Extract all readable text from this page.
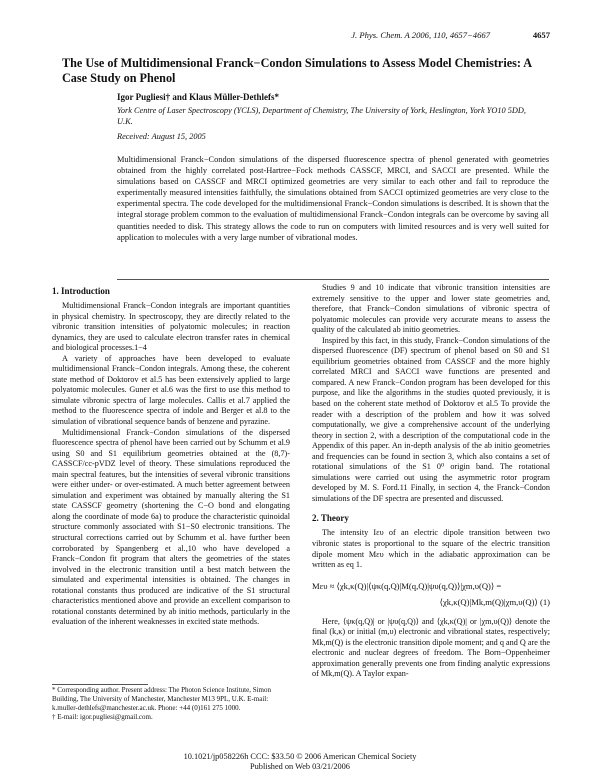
J. Phys. Chem. A 2006, 110, 4657−4667	4657
The Use of Multidimensional Franck−Condon Simulations to Assess Model Chemistries: A Case Study on Phenol
Igor Pugliesi† and Klaus Müller-Dethlefs*
York Centre of Laser Spectroscopy (YCLS), Department of Chemistry, The University of York, Heslington, York YO10 5DD, U.K.
Received: August 15, 2005

Multidimensional Franck−Condon simulations of the dispersed fluorescence spectra of phenol generated with geometries obtained from the highly correlated post-Hartree−Fock methods CASSCF, MRCI, and SACCI are presented. While the simulations based on CASSCF and MRCI optimized geometries are very similar to each other and fail to reproduce the experimentally measured intensities faithfully, the simulations obtained from SACCI optimized geometries are very close to the experimental spectra. The code developed for the multidimensional Franck−Condon simulations is described. It is shown that the integral storage problem common to the evaluation of multidimensional Franck−Condon integrals can be overcome by saving all quantities needed to disk. This strategy allows the code to run on computers with limited resources and is very well suited for application to molecules with a very large number of vibrational modes.

1. Introduction

Multidimensional Franck−Condon integrals are important quantities in physical chemistry. In spectroscopy, they are directly related to the vibronic transition intensities of polyatomic molecules; in reaction dynamics, they are used to calculate electron transfer rates in chemical and biological processes.1−4

A variety of approaches have been developed to evaluate multidimensional Franck−Condon integrals. Among these, the coherent state method of Doktorov et al.5 has been extensively applied to large polyatomic molecules. Guner et al.6 was the first to use this method to simulate vibronic spectra of large molecules. Callis et al.7 applied the method to the fluorescence spectra of indole and Berger et al.8 to the simulation of vibrational sequence bands of benzene and pyrazine.

Multidimensional Franck−Condon simulations of the dispersed fluorescence spectra of phenol have been carried out by Schumm et al.9 using S0 and S1 equilibrium geometries obtained at the (8,7)-CASSCF/cc-pVDZ level of theory. These simulations reproduced the main spectral features, but the intensities of several vibronic transitions were either under- or over-estimated. A much better agreement between simulation and experiment was obtained by manually altering the S1 state CASSCF geometry (shortening the C−O bond and elongating along the coordinate of mode 6a) to produce the characteristic quinoidal structure commonly associated with S1−S0 electronic transitions. The structural corrections carried out by Schumm et al. have further been corroborated by Spangenberg et al.,10 who have developed a Franck−Condon fit program that alters the geometries of the states involved in the electronic transition until a best match between the simulated and experimental intensities is obtained. The changes in rotational constants thus produced are indicative of the S1 structural characteristics mentioned above and provide an excellent comparison to rotational constants determined by ab initio methods, particularly in the evaluation of the inherent weaknesses in excited state methods.

Studies 9 and 10 indicate that vibronic transition intensities are extremely sensitive to the upper and lower state geometries and, therefore, that Franck−Condon simulations of vibronic spectra of polyatomic molecules can provide very accurate means to assess the quality of the calculated ab initio geometries.

Inspired by this fact, in this study, Franck−Condon simulations of the dispersed fluorescence (DF) spectrum of phenol based on S0 and S1 equilibrium geometries obtained from CASSCF and the more highly correlated MRCI and SACCI wave functions are presented and compared. A new Franck−Condon program has been developed for this purpose, and like the algorithms in the studies quoted previously, it is based on the coherent state method of Doktorov et al.5 To provide the reader with a description of the problem and how it was solved computationally, we give a comprehensive account of the underlying theory in section 2, with a description of the computational code in the Appendix of this paper. An in-depth analysis of the ab initio geometries and frequencies can be found in section 3, which also contains a set of rotational simulations of the S1 0⁰ origin band. The rotational simulations were carried out using the asymmetric rotor program developed by M. S. Ford.11 Finally, in section 4, the Franck−Condon simulations of the DF spectra are presented and discussed.

2. Theory

The intensity Iευ of an electric dipole transition between two vibronic states is proportional to the square of the electric transition dipole moment Mευ which in the adiabatic approximation can be written as eq 1.

Mευ ≈ ⟨χk,κ(Q)|⟨ψκ(q,Q)|M(q,Q)|ψυ(q,Q)⟩|χm,υ(Q)⟩ =
⟨χk,κ(Q)|Mk,m(Q)|χm,υ(Q)⟩ (1)

Here, ⟨ψκ(q,Q)| or |ψυ(q,Q)⟩ and ⟨χk,κ(Q)| or |χm,υ(Q)⟩ denote the final (k,κ) or initial (m,υ) electronic and vibrational states, respectively; Mk,m(Q) is the electronic transition dipole moment; and q and Q are the electronic and nuclear degrees of freedom. The Born−Oppenheimer approximation generally prevents one from finding analytic expressions of Mk,m(Q). A Taylor expan-

* Corresponding author. Present address: The Photon Science Institute, Simon Building, The University of Manchester, Manchester M13 9PL, U.K. E-mail: k.muller-dethlefs@manchester.ac.uk. Phone: +44 (0)161 275 1000.

† E-mail: igor.pugliesi@gmail.com.

10.1021/jp058226h CCC: $33.50 © 2006 American Chemical Society
Published on Web 03/21/2006
